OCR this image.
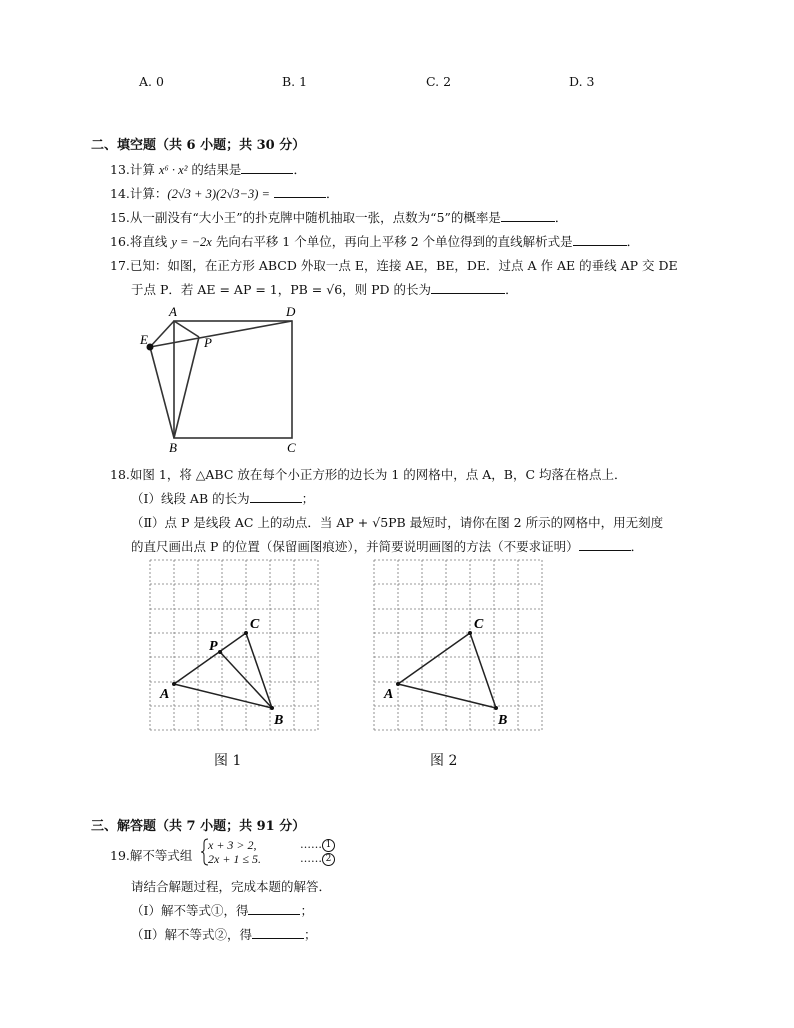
A. 0	B. 1	C. 2	D. 3
二、填空题（共 6 小题；共 30 分）
13.计算 x⁶ · x² 的结果是	．
14.计算：(2√3 + 3)(2√3−3) =	．
15.从一副没有“大小王”的扑克牌中随机抽取一张，点数为“5”的概率是	．
16.将直线 y = −2x 先向右平移 1 个单位，再向上平移 2 个单位得到的直线解析式是	．
17.已知：如图，在正方形 ABCD 外取一点 E，连接 AE，BE，DE．过点 A 作 AE 的垂线 AP 交 DE
于点 P．若 AE = AP = 1，PB = √6，则 PD 的长为	．
A	D
E	P
B	C
18.如图 1，将 △ABC 放在每个小正方形的边长为 1 的网格中，点 A，B，C 均落在格点上．
（Ⅰ）线段 AB 的长为	；
（Ⅱ）点 P 是线段 AC 上的动点．当 AP + √5PB 最短时，请你在图 2 所示的网格中，用无刻度
的直尺画出点 P 的位置（保留画图痕迹），并简要说明画图的方法（不要求证明）	．
C
P
A
B
图 1
C
A
B
图 2
三、解答题（共 7 小题；共 91 分）
19.解不等式组
x + 3 > 2,
2x + 1 ≤ 5.
…… 1
…… 2
请结合解题过程，完成本题的解答．
（Ⅰ）解不等式①，得	；
（Ⅱ）解不等式②，得	；
